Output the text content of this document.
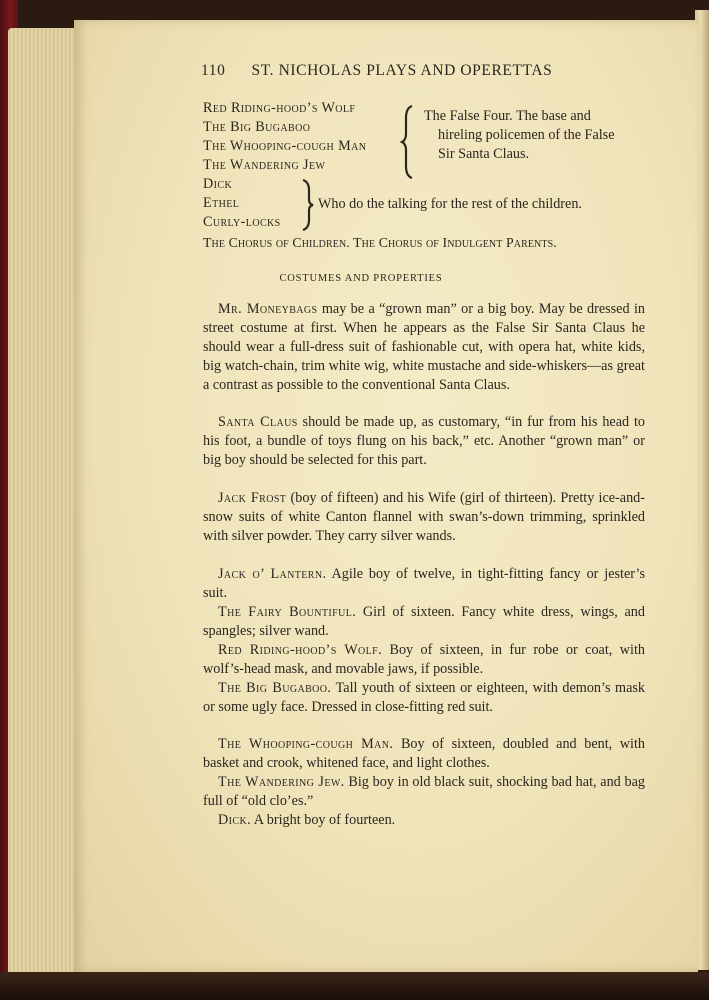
110 ST. NICHOLAS PLAYS AND OPERETTAS
Red Riding-hood’s Wolf
The Big Bugaboo
The Whooping-cough Man
The Wandering Jew
The False Four. The base and
hireling policemen of the False
Sir Santa Claus.
Dick
Ethel
Curly-locks
Who do the talking for the rest of the children.
The Chorus of Children. The Chorus of Indulgent Parents.
COSTUMES AND PROPERTIES

Mr. Moneybags may be a “grown man” or a big boy. May be dressed in street costume at first. When he appears as the False Sir Santa Claus he should wear a full-dress suit of fashionable cut, with opera hat, white kids, big watch-chain, trim white wig, white mustache and side-whiskers—as great a contrast as possible to the conventional Santa Claus.

Santa Claus should be made up, as customary, “in fur from his head to his foot, a bundle of toys flung on his back,” etc. Another “grown man” or big boy should be selected for this part.

Jack Frost (boy of fifteen) and his Wife (girl of thirteen). Pretty ice-and-snow suits of white Canton flannel with swan’s-down trimming, sprinkled with silver powder. They carry silver wands.

Jack o’ Lantern. Agile boy of twelve, in tight-fitting fancy or jester’s suit.

The Fairy Bountiful. Girl of sixteen. Fancy white dress, wings, and spangles; silver wand.

Red Riding-hood’s Wolf. Boy of sixteen, in fur robe or coat, with wolf’s-head mask, and movable jaws, if possible.

The Big Bugaboo. Tall youth of sixteen or eighteen, with demon’s mask or some ugly face. Dressed in close-fitting red suit.

The Whooping-cough Man. Boy of sixteen, doubled and bent, with basket and crook, whitened face, and light clothes.

The Wandering Jew. Big boy in old black suit, shocking bad hat, and bag full of “old clo’es.”

Dick. A bright boy of fourteen.
